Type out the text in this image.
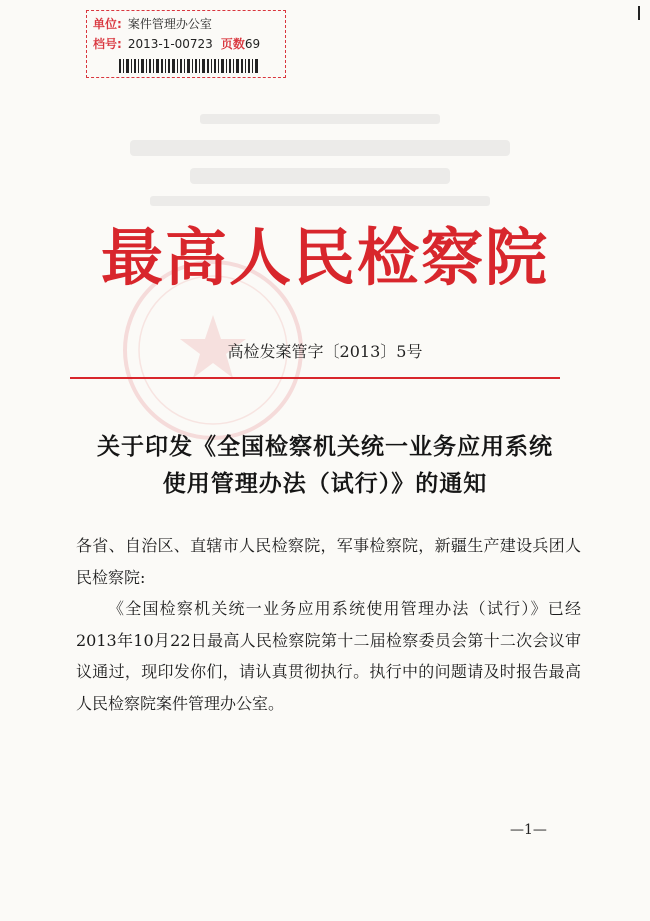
单位: 案件管理办公室
档号: 2013-1-00723 页数69
最高人民检察院
高检发案管字〔2013〕5号
关于印发《全国检察机关统一业务应用系统
使用管理办法（试行）》的通知
各省、自治区、直辖市人民检察院，军事检察院，新疆生产建设兵团人民检察院:
《全国检察机关统一业务应用系统使用管理办法（试行）》已经2013年10月22日最高人民检察院第十二届检察委员会第十二次会议审议通过，现印发你们，请认真贯彻执行。执行中的问题请及时报告最高人民检察院案件管理办公室。
—1—
